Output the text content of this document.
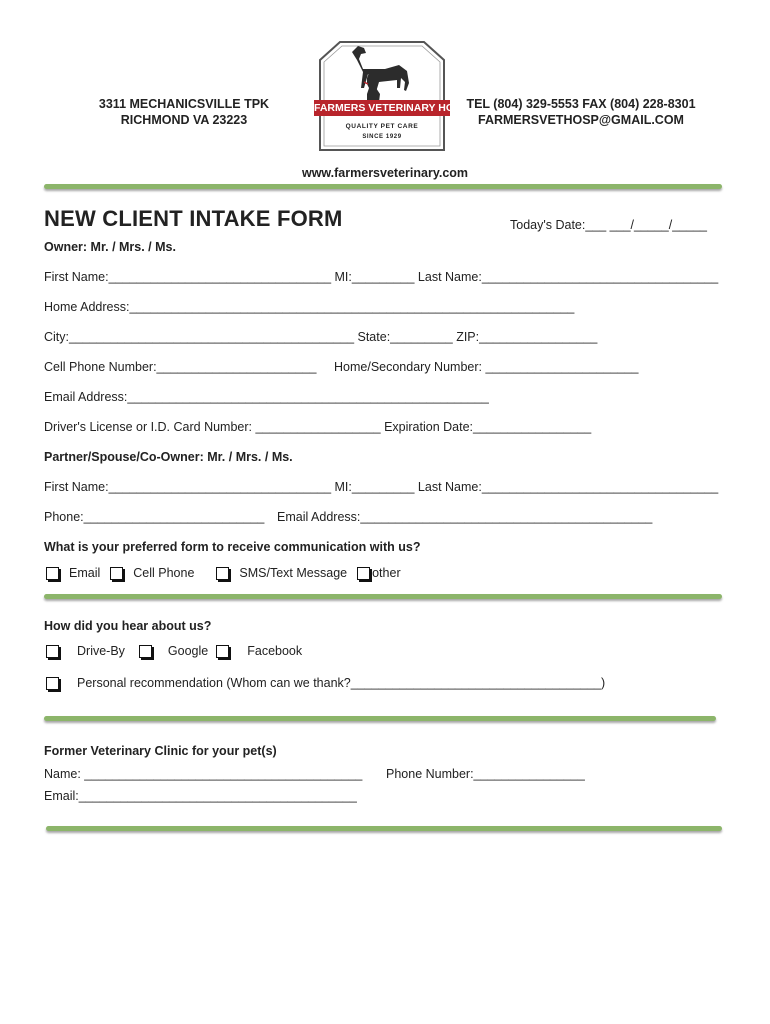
3311 MECHANICSVILLE TPK
RICHMOND VA 23223
FARMERS VETERINARY HOSPITAL
QUALITY PET CARE
SINCE 1929
TEL (804) 329-5553 FAX (804) 228-8301
FARMERSVETHOSP@GMAIL.COM
www.farmersveterinary.com
NEW CLIENT INTAKE FORM	Today's Date:___ ___/_____/_____
Owner: Mr. / Mrs. / Ms.
First Name:________________________________ MI:_________ Last Name:__________________________________
Home Address:________________________________________________________________
City:_________________________________________ State:_________ ZIP:_________________
Cell Phone Number:_______________________ Home/Secondary Number: ______________________
Email Address:____________________________________________________
Driver's License or I.D. Card Number: __________________ Expiration Date:_________________
Partner/Spouse/Co-Owner: Mr. / Mrs. / Ms.
First Name:________________________________ MI:_________ Last Name:__________________________________
Phone:__________________________ Email Address:__________________________________________
What is your preferred form to receive communication with us?
Email	Cell Phone	SMS/Text Message other
How did you hear about us?
Drive-By	Google	Facebook
Personal recommendation (Whom can we thank?____________________________________)
Former Veterinary Clinic for your pet(s)
Name: ________________________________________ Phone Number:________________
Email:________________________________________
